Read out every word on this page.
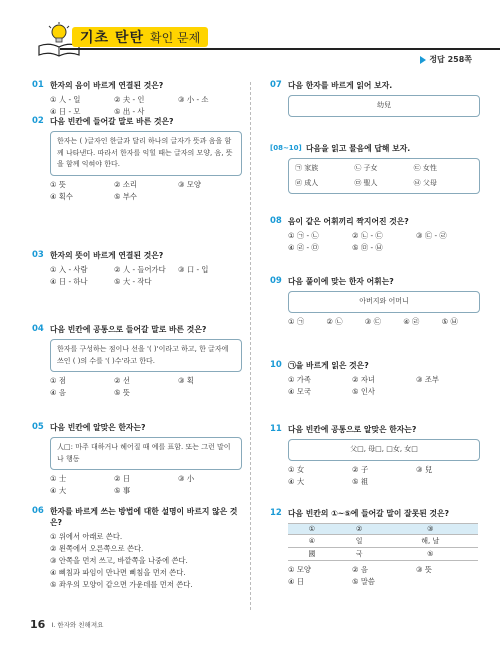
기초 탄탄 확인 문제
정답 258쪽
01 한자의 음이 바르게 연결된 것은?
① 人 - 일	② 夫 - 인	③ 小 - 소
④ 日 - 모	⑤ 出 - 사
02 다음 빈칸에 들어갈 말로 바른 것은?
한자는 ( )글자인 한글과 달리 하나의 글자가 뜻과 음을 함께 나타낸다. 따라서 한자를 익힐 때는 글자의 모양, 음, 뜻을 함께 익혀야 한다.
① 뜻	② 소리	③ 모양
④ 획수	⑤ 부수
03 한자의 뜻이 바르게 연결된 것은?
① 入 - 사람	② 人 - 들어가다	③ 口 - 입
④ 日 - 하나	⑤ 大 - 작다
04 다음 빈칸에 공통으로 들어갈 말로 바른 것은?
한자를 구성하는 점이나 선을 '( )'이라고 하고, 한 글자에 쓰인 ( )의 수를 '( )수'라고 한다.
① 점	② 선	③ 획
④ 음	⑤ 뜻
05 다음 빈칸에 알맞은 한자는?
人□: 마주 대하거나 헤어질 때 예를 표함. 또는 그런 말이나 행동
① 士	② 日	③ 小
④ 大	⑤ 事
06 한자를 바르게 쓰는 방법에 대한 설명이 바르지 않은 것은?
① 위에서 아래로 쓴다.
② 왼쪽에서 오른쪽으로 쓴다.
③ 안쪽을 먼저 쓰고, 바깥쪽을 나중에 쓴다.
④ 삐침과 파임이 만나면 삐침을 먼저 쓴다.
⑤ 좌우의 모양이 같으면 가운데를 먼저 쓴다.
07 다음 한자를 바르게 읽어 보자.
幼兒
[08~10] 다음을 읽고 물음에 답해 보자.
㉠ 家族	㉡ 子女	㉢ 女性
㉣ 成人	㉤ 聖人	㉥ 父母
08 음이 같은 어휘끼리 짝지어진 것은?
① ㉠ - ㉡	② ㉡ - ㉢	③ ㉢ - ㉣
④ ㉣ - ㉤	⑤ ㉤ - ㉥
09 다음 풀이에 맞는 한자 어휘는?
아버지와 어머니
① ㉠	② ㉡	③ ㉢	④ ㉣	⑤ ㉥
10 ㉠을 바르게 읽은 것은?
① 가족	② 자녀	③ 조부
④ 모국	⑤ 인사
11 다음 빈칸에 공통으로 알맞은 한자는?
父□, 母□, □女, 女□
① 女	② 子	③ 兒
④ 大	⑤ 祖
12 다음 빈칸의 ①~⑤에 들어갈 말이 잘못된 것은?
①	②	③
④	일	해, 날
國	국	⑤
① 모양	② 음	③ 뜻
④ 日	⑤ 말씀
16 I. 한자와 친해져요
